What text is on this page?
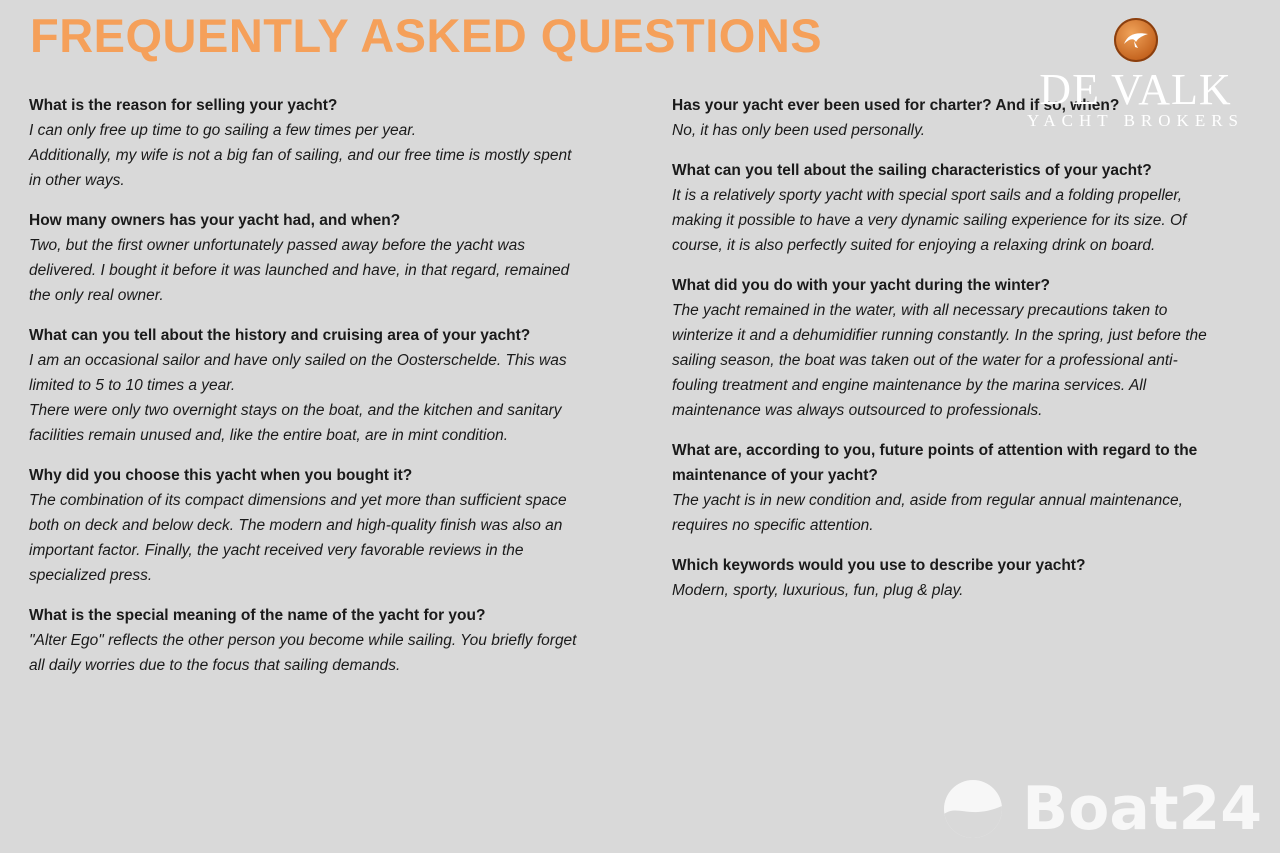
FREQUENTLY ASKED QUESTIONS

What is the reason for selling your yacht?

I can only free up time to go sailing a few times per year.
Additionally, my wife is not a big fan of sailing, and our free time is mostly spent
in other ways.

How many owners has your yacht had, and when?

Two, but the first owner unfortunately passed away before the yacht was
delivered. I bought it before it was launched and have, in that regard, remained
the only real owner.

What can you tell about the history and cruising area of your yacht?

I am an occasional sailor and have only sailed on the Oosterschelde. This was
limited to 5 to 10 times a year.
There were only two overnight stays on the boat, and the kitchen and sanitary
facilities remain unused and, like the entire boat, are in mint condition.

Why did you choose this yacht when you bought it?

The combination of its compact dimensions and yet more than sufficient space
both on deck and below deck. The modern and high-quality finish was also an
important factor. Finally, the yacht received very favorable reviews in the
specialized press.

What is the special meaning of the name of the yacht for you?

"Alter Ego" reflects the other person you become while sailing. You briefly forget
all daily worries due to the focus that sailing demands.

Has your yacht ever been used for charter? And if so, when?

No, it has only been used personally.

What can you tell about the sailing characteristics of your yacht?

It is a relatively sporty yacht with special sport sails and a folding propeller,
making it possible to have a very dynamic sailing experience for its size. Of
course, it is also perfectly suited for enjoying a relaxing drink on board.

What did you do with your yacht during the winter?

The yacht remained in the water, with all necessary precautions taken to
winterize it and a dehumidifier running constantly. In the spring, just before the
sailing season, the boat was taken out of the water for a professional anti-
fouling treatment and engine maintenance by the marina services. All
maintenance was always outsourced to professionals.

What are, according to you, future points of attention with regard to the maintenance of your yacht?

The yacht is in new condition and, aside from regular annual maintenance,
requires no specific attention.

Which keywords would you use to describe your yacht?

Modern, sporty, luxurious, fun, plug & play.

DE VALK
YACHT BROKERS
Boat24
